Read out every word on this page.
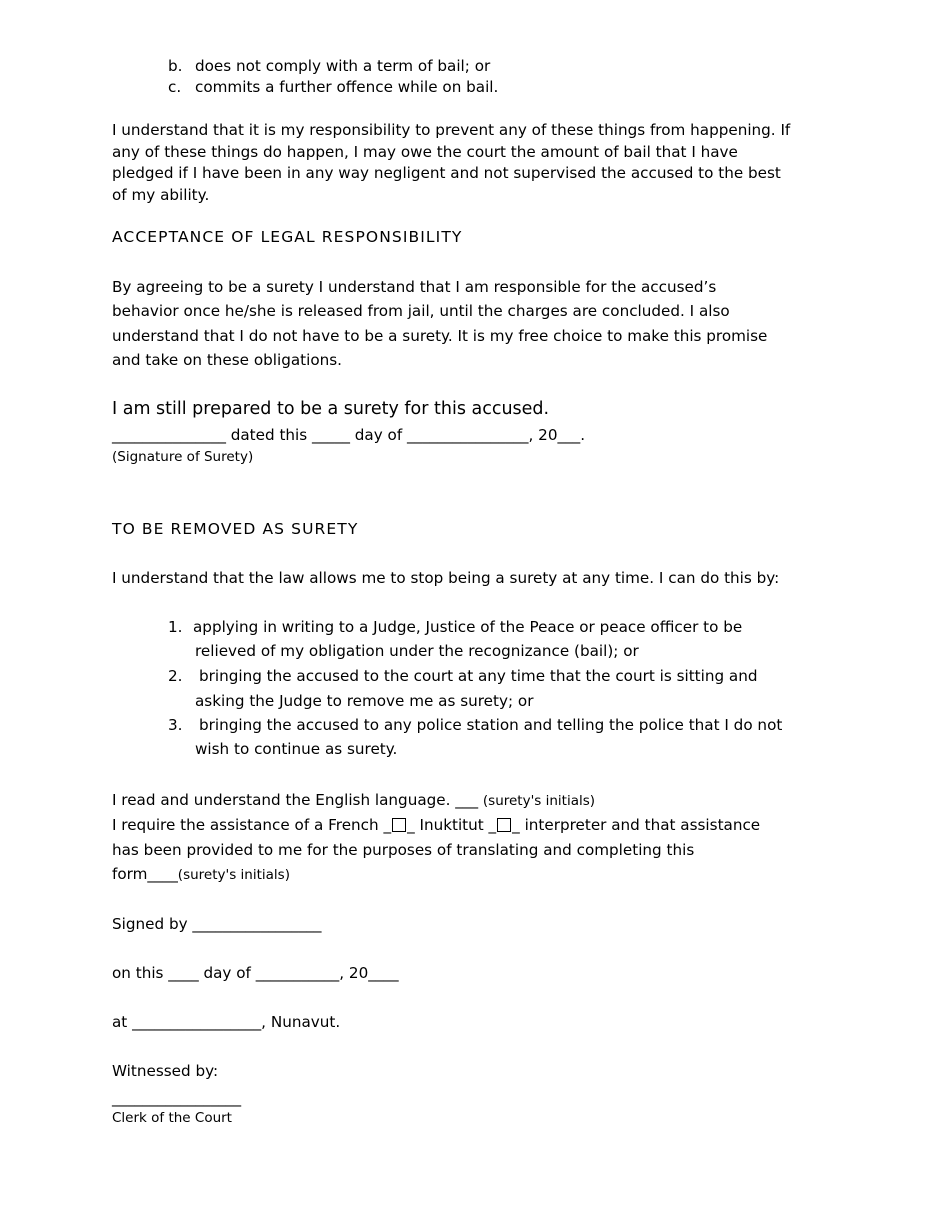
b. does not comply with a term of bail; or
c. commits a further offence while on bail.
I understand that it is my responsibility to prevent any of these things from happening. If
any of these things do happen, I may owe the court the amount of bail that I have
pledged if I have been in any way negligent and not supervised the accused to the best
of my ability.
ACCEPTANCE OF LEGAL RESPONSIBILITY
By agreeing to be a surety I understand that I am responsible for the accused’s
behavior once he/she is released from jail, until the charges are concluded. I also
understand that I do not have to be a surety. It is my free choice to make this promise
and take on these obligations.
I am still prepared to be a surety for this accused.
_______________ dated this _____ day of ________________, 20___.
(Signature of Surety)
TO BE REMOVED AS SURETY
I understand that the law allows me to stop being a surety at any time. I can do this by:
1. applying in writing to a Judge, Justice of the Peace or peace officer to be
relieved of my obligation under the recognizance (bail); or
2. bringing the accused to the court at any time that the court is sitting and
asking the Judge to remove me as surety; or
3. bringing the accused to any police station and telling the police that I do not
wish to continue as surety.
I read and understand the English language. ___ (surety's initials)
I require the assistance of a French _ _ Inuktitut _ _ interpreter and that assistance
has been provided to me for the purposes of translating and completing this
form____(surety's initials)
Signed by _________________
on this ____ day of ___________, 20____
at _________________, Nunavut.
Witnessed by:
_________________
Clerk of the Court
